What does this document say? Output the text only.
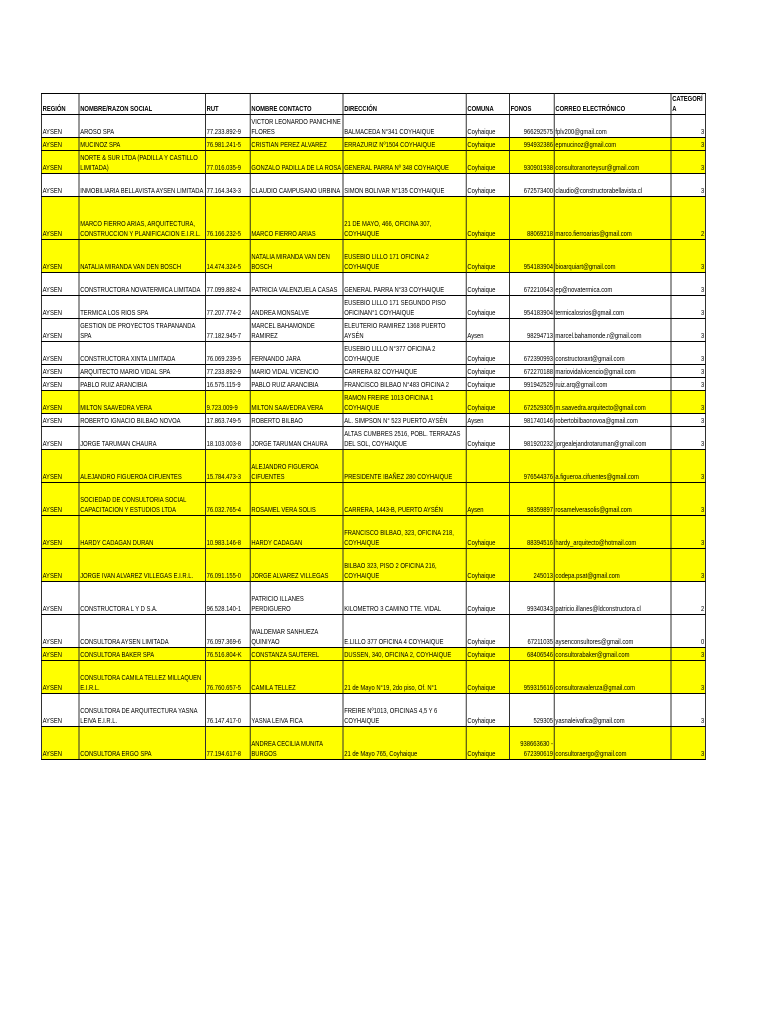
REGIÓN	NOMBRE/RAZON SOCIAL	RUT	NOMBRE CONTACTO	DIRECCIÓN	COMUNA	FONOS	CORREO ELECTRÓNICO	CATEGORÍA
AYSEN	AROSO SPA	77.233.892-9	VICTOR LEONARDO PANICHINE FLORES	BALMACEDA N°341 COYHAIQUE	Coyhaique	966292575	fplv200@gmail.com	3
AYSEN	MUCINOZ SPA	76.981.241-5	CRISTIAN PEREZ ALVAREZ	ERRAZURIZ Nº1504 COYHAIQUE	Coyhaique	994932386	epmucinoz@gmail.com	3
AYSEN	NORTE & SUR LTDA (PADILLA Y CASTILLO LIMITADA)	77.016.035-9	GONZALO PADILLA DE LA ROSA	GENERAL PARRA Nº 348 COYHAIQUE	Coyhaique	930901938	consultoranorteysur@gmail.com	3
AYSEN	INMOBILIARIA BELLAVISTA AYSEN LIMITADA	77.164.343-3	CLAUDIO CAMPUSANO URBINA	SIMON BOLIVAR N°135 COYHAIQUE	Coyhaique	672573400	claudio@constructorabellavista.cl	3
AYSEN	MARCO FIERRO ARIAS, ARQUITECTURA, CONSTRUCCION Y PLANIFICACION E.I.R.L.	76.166.232-5	MARCO FIERRO ARIAS	21 DE MAYO, 466, OFICINA 307, COYHAIQUE	Coyhaique	88069218	marco.fierroarias@gmail.com	2
AYSEN	NATALIA MIRANDA VAN DEN BOSCH	14.474.324-5	NATALIA MIRANDA VAN DEN BOSCH	EUSEBIO LILLO 171 OFICINA 2 COYHAIQUE	Coyhaique	954183904	bioarquiart@gmail.com	3
AYSEN	CONSTRUCTORA NOVATERMICA LIMITADA	77.099.882-4	PATRICIA VALENZUELA CASAS	GENERAL PARRA N°33 COYHAIQUE	Coyhaique	672210643	ep@novatermica.com	3
AYSEN	TERMICA LOS RIOS SPA	77.207.774-2	ANDREA MONSALVE	EUSEBIO LILLO 171 SEGUNDO PISO OFICINAN°1 COYHAIQUE	Coyhaique	954183904	termicalosrios@gmail.com	3
AYSEN	GESTION DE PROYECTOS TRAPANANDA SPA	77.182.945-7	MARCEL BAHAMONDE RAMIREZ	ELEUTERIO RAMIREZ 1368 PUERTO AYSÉN	Aysen	98294713	marcel.bahamonde.r@gmail.com	3
AYSEN	CONSTRUCTORA XINTA LIMITADA	76.069.239-5	FERNANDO JARA	EUSEBIO LILLO N°377 OFICINA 2 COYHAIQUE	Coyhaique	672390993	constructoraxt@gmail.com	3
AYSEN	ARQUITECTO MARIO VIDAL SPA	77.233.892-9	MARIO VIDAL VICENCIO	CARRERA 82 COYHAIQUE	Coyhaique	672270188	mariovidalvicencio@gmail.com	3
AYSEN	PABLO RUIZ ARANCIBIA	16.575.115-9	PABLO RUIZ ARANCIBIA	FRANCISCO BILBAO N°483 OFICINA 2	Coyhaique	991942529	ruiz.arq@gmail.com	3
AYSEN	MILTON SAAVEDRA VERA	9.723.009-9	MILTON SAAVEDRA VERA	RAMON FREIRE 1013 OFICINA 1 COYHAIQUE	Coyhaique	672529305	m.saavedra.arquitecto@gmail.com	3
AYSEN	ROBERTO IGNACIO BILBAO NOVOA	17.863.749-5	ROBERTO BILBAO	AL. SIMPSON N° 523 PUERTO AYSÉN	Aysen	981740146	robertobilbaonovoa@gmail.com	3
AYSEN	JORGE TARUMAN CHAURA	18.103.003-8	JORGE TARUMAN CHAURA	ALTAS CUMBRES 2516, POBL. TERRAZAS DEL SOL, COYHAIQUE	Coyhaique	981920232	jorgealejandrotaruman@gmail.com	3
AYSEN	ALEJANDRO FIGUEROA CIFUENTES	15.784.473-3	ALEJANDRO FIGUEROA CIFUENTES	PRESIDENTE IBAÑEZ 280 COYHAIQUE		976544376	a.figueroa.cifuentes@gmail.com	3
AYSEN	SOCIEDAD DE CONSULTORIA SOCIAL CAPACITACION Y ESTUDIOS LTDA	76.032.765-4	ROSAMEL VERA SOLIS	CARRERA, 1443-B, PUERTO AYSÉN	Aysen	98359897	rosamelverasolis@gmail.com	3
AYSEN	HARDY CADAGAN DURAN	10.983.146-8	HARDY CADAGAN	FRANCISCO BILBAO, 323, OFICINA 218, COYHAIQUE	Coyhaique	88394516	hardy_arquitecto@hotmail.com	3
AYSEN	JORGE IVAN ALVAREZ VILLEGAS E.I.R.L.	76.091.155-0	JORGE ALVAREZ VILLEGAS	BILBAO 323, PISO 2 OFICINA 216, COYHAIQUE	Coyhaique	245013	codepa.psat@gmail.com	3
AYSEN	CONSTRUCTORA L Y D S.A.	96.528.140-1	PATRICIO ILLANES PERDIGUERO	KILOMETRO 3 CAMINO TTE. VIDAL	Coyhaique	99340343	patricio.illanes@ldconstructora.cl	2
AYSEN	CONSULTORA AYSEN LIMITADA	76.097.369-6	WALDEMAR SANHUEZA QUINIYAO	E.LILLO 377 OFICINA 4 COYHAIQUE	Coyhaique	67211035	aysenconsultores@gmail.com	0
AYSEN	CONSULTORA BAKER SPA	76.516.804-K	CONSTANZA SAUTEREL	DUSSEN, 340, OFICINA 2, COYHAIQUE	Coyhaique	68406546	consultorabaker@gmail.com	3
AYSEN	CONSULTORA CAMILA TELLEZ MILLAQUEN E.I.R.L.	76.760.657-5	CAMILA TELLEZ	21 de Mayo N°19, 2do piso, Of. N°1	Coyhaique	959315616	consultoravalenza@gmail.com	3
AYSEN	CONSULTORA DE ARQUITECTURA YASNA LEIVA E.I.R.L.	76.147.417-0	YASNA LEIVA FICA	FREIRE Nº1013, OFICINAS 4,5 Y 6 COYHAIQUE	Coyhaique	529305	yasnaleivafica@gmail.com	3
AYSEN	CONSULTORA ERGO SPA	77.194.617-8	ANDREA CECILIA MUNITA BURGOS	21 de Mayo 765, Coyhaique	Coyhaique	938663630 - 672390619	consultoraergo@gmail.com	3
